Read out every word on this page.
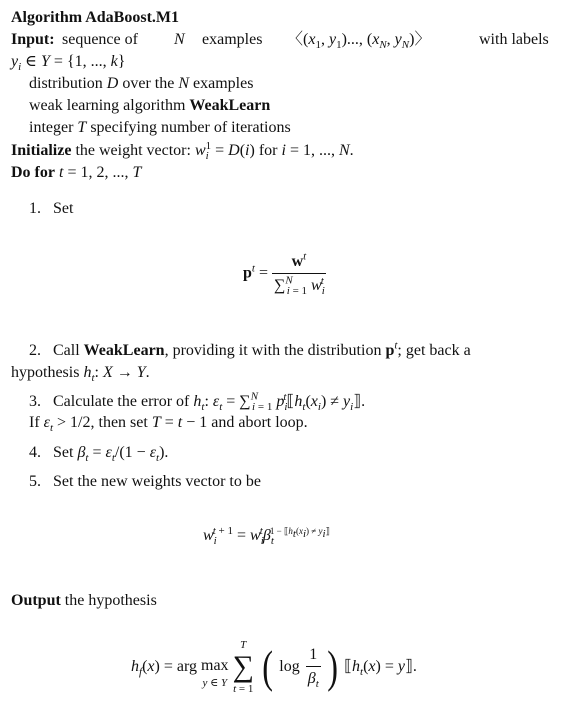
Algorithm AdaBoost.M1
Input: sequence of N examples 〈($x_1$, $y_1$)..., ($x_N$, $y_N$)〉	with labels
$y_i$ ∈ Y = {1, ..., k}
distribution D over the N examples
weak learning algorithm WeakLearn
integer T specifying number of iterations
Initialize the weight vector: w 1
i = D(i) for i = 1, ..., N.
Do for t = 1, 2, ..., T
1. Set
$p^t = \frac{w^t}{\sum^N_{i = 1} w_i^t}$
2. Call WeakLearn, providing it with the distribution $p^t$; get back a
hypothesis $h_t$: X → Y.
3. Calculate the error of $h_t$: $\varepsilon_t = \sum^N_{i = 1}$ $p_i^t⟦h_t(x_i)$ ≠ $y_i⟧$.
If $\varepsilon_t > 1/2$, then set T = t − 1 and abort loop.
4. Set $\beta_t = \varepsilon_t/(1 - \varepsilon_t)$.
5. Set the new weights vector to be
$w_i^{t + 1} = w_i^t\beta_t^{1 - ⟦h_t(x_i) \ne y_i⟧}$
Output the hypothesis
$h_f(x)$ = arg max
y ∈ Y
T
∑
t = 1 ( $\log \frac{1}{\beta_t}$ ) $⟦h_t(x)$ = y⟧.
